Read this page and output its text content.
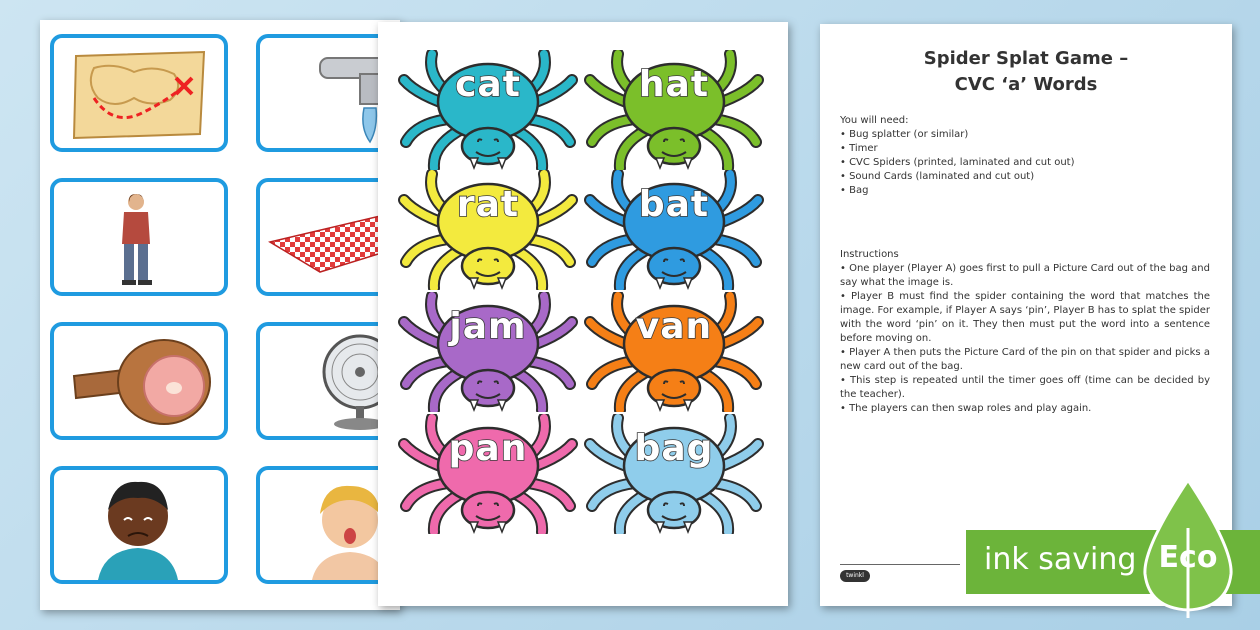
cat	hat
rat	bat
jam	van
pan	bag
Spider Splat Game –
CVC ‘a’ Words

You will need:

• Bug splatter (or similar)

• Timer

• CVC Spiders (printed, laminated and cut out)

• Sound Cards (laminated and cut out)

• Bag

Instructions

• One player (Player A) goes first to pull a Picture Card out of the bag and say what the image is.

• Player B must find the spider containing the word that matches the image. For example, if Player A says ‘pin’, Player B has to splat the spider with the word ‘pin’ on it. They then must put the word into a sentence before moving on.

• Player A then puts the Picture Card of the pin on that spider and picks a new card out of the bag.

• This step is repeated until the timer goes off (time can be decided by the teacher).

• The players can then swap roles and play again.

twinkl	ink saving Eco
